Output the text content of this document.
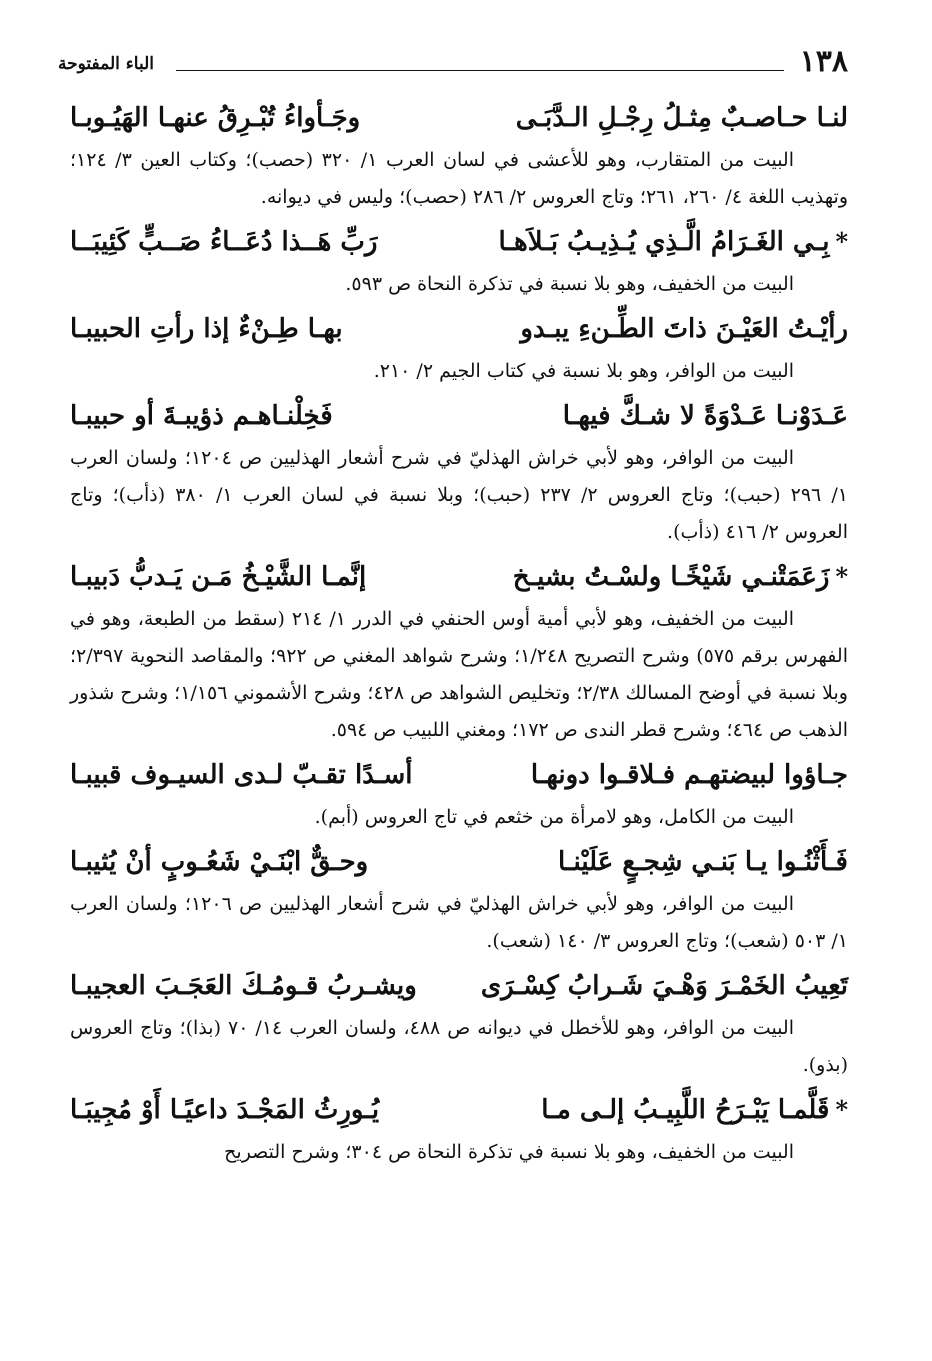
١٣٨
الباء المفتوحة
لنـا حـاصـبٌ مِثـلُ رِجْـلِ الـدَّبَـى
وجَـأواءُ تُبْـرِقُ عنهـا الهَيُـوبـا

البيت من المتقارب، وهو للأعشى في لسان العرب ١/ ٣٢٠ (حصب)؛ وكتاب العين ٣/ ١٢٤؛ وتهذيب اللغة ٤/ ٢٦٠، ٢٦١؛ وتاج العروس ٢/ ٢٨٦ (حصب)؛ وليس في ديوانه.

*بِـي الغَـرَامُ الَّـذِي يُـذِيـبُ بَـلاَهـا
رَبِّ هَــذا دُعَــاءُ صَــبٍّ كَئِيبَــا

البيت من الخفيف، وهو بلا نسبة في تذكرة النحاة ص ٥٩٣.

رأيْـتُ العَيْـنَ ذاتَ الطِّـنءِ يبـدو
بهـا طِـنْءٌ إذا رأتِ الحبيبـا

البيت من الوافر، وهو بلا نسبة في كتاب الجيم ٢/ ٢١٠.

عَـدَوْنـا عَـدْوَةً لا شـكَّ فيهـا
فَخِلْنـاهـم ذؤيبـةَ أو حبيبـا

البيت من الوافر، وهو لأبي خراش الهذليّ في شرح أشعار الهذليين ص ١٢٠٤؛ ولسان العرب ١/ ٢٩٦ (حبب)؛ وتاج العروس ٢/ ٢٣٧ (حبب)؛ وبلا نسبة في لسان العرب ١/ ٣٨٠ (ذأب)؛ وتاج العروس ٢/ ٤١٦ (ذأب).

*زَعَمَتْنـي شَيْخًـا ولسْـتُ بشيـخ
إنَّمـا الشَّيْـخُ مَـن يَـدبُّ دَبيبـا

البيت من الخفيف، وهو لأبي أمية أوس الحنفي في الدرر ١/ ٢١٤ (سقط من الطبعة، وهو في الفهرس برقم ٥٧٥) وشرح التصريح ١/٢٤٨؛ وشرح شواهد المغني ص ٩٢٢؛ والمقاصد النحوية ٢/٣٩٧؛ وبلا نسبة في أوضح المسالك ٢/٣٨؛ وتخليص الشواهد ص ٤٢٨؛ وشرح الأشموني ١/١٥٦؛ وشرح شذور الذهب ص ٤٦٤؛ وشرح قطر الندى ص ١٧٢؛ ومغني اللبيب ص ٥٩٤.

جـاؤوا لبيضتهـم فـلاقـوا دونهـا
أسـدًا تقـبّ لـدى السيـوف قبيبـا

البيت من الكامل، وهو لامرأة من خثعم في تاج العروس (أبم).

فَـأَثْنُـوا يـا بَنـي شِجـعٍ عَلَيْنـا
وحـقٌّ ابْنَـيْ شَعُـوبٍ أنْ يُثيبـا

البيت من الوافر، وهو لأبي خراش الهذليّ في شرح أشعار الهذليين ص ١٢٠٦؛ ولسان العرب ١/ ٥٠٣ (شعب)؛ وتاج العروس ٣/ ١٤٠ (شعب).

تَعِيبُ الخَمْـرَ وَهْـيَ شَـرابُ كِسْـرَى
ويشـربُ قـومُـكَ العَجَـبَ العجيبـا

البيت من الوافر، وهو للأخطل في ديوانه ص ٤٨٨، ولسان العرب ١٤/ ٧٠ (بذا)؛ وتاج العروس (بذو).

*قَلَّمـا يَبْـرَحُ اللَّبِيـبُ إلـى مـا
يُـورِثُ المَجْـدَ داعيًـا أَوْ مُجِيبَـا

البيت من الخفيف، وهو بلا نسبة في تذكرة النحاة ص ٣٠٤؛ وشرح التصريح
